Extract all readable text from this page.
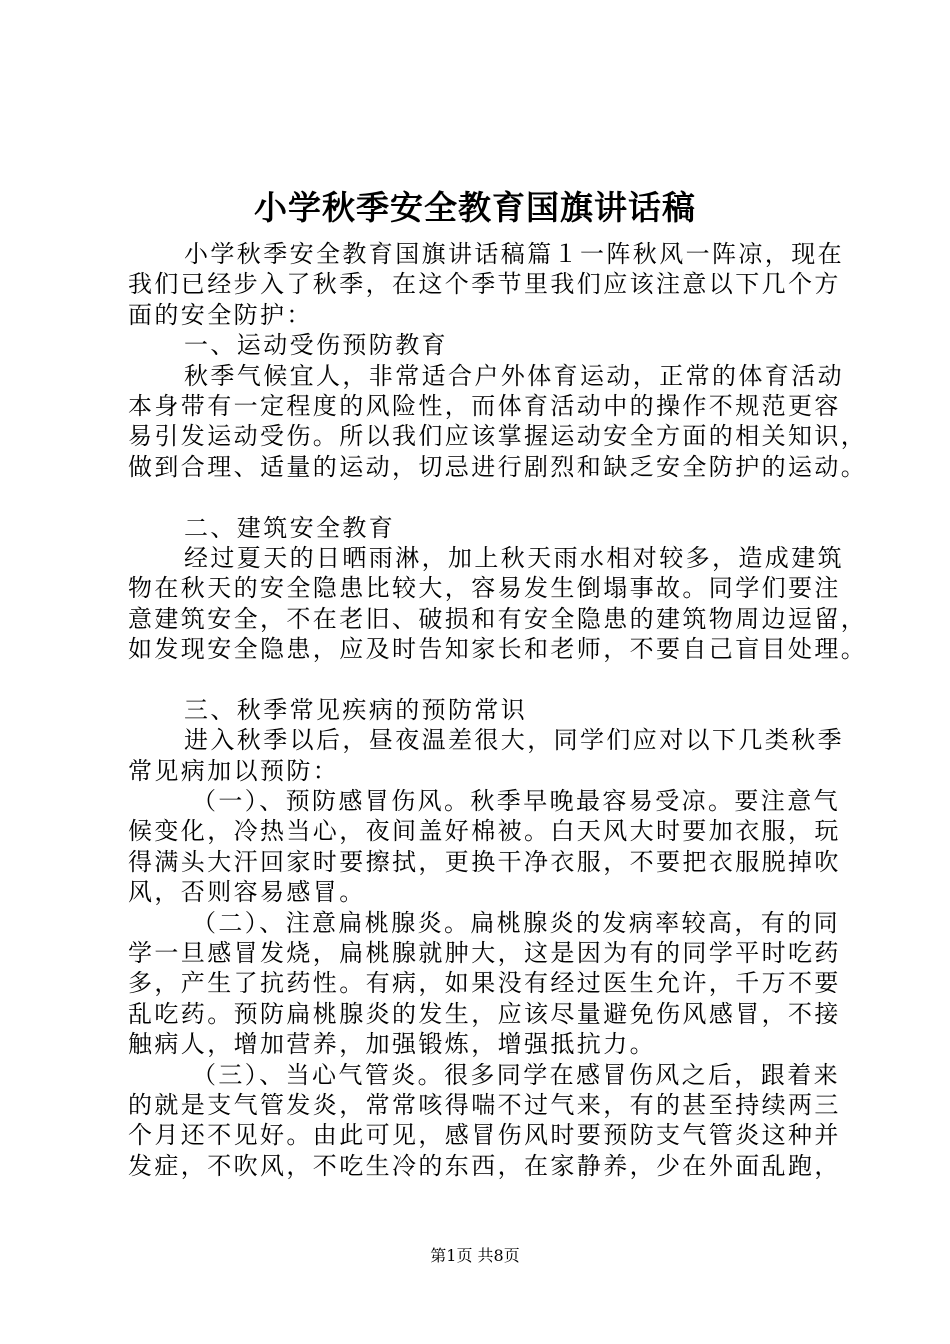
小学秋季安全教育国旗讲话稿
小学秋季安全教育国旗讲话稿篇１一阵秋风一阵凉，现在
我们已经步入了秋季，在这个季节里我们应该注意以下几个方
面的安全防护：
一、运动受伤预防教育
秋季气候宜人，非常适合户外体育运动，正常的体育活动
本身带有一定程度的风险性，而体育活动中的操作不规范更容
易引发运动受伤。所以我们应该掌握运动安全方面的相关知识，
做到合理、适量的运动，切忌进行剧烈和缺乏安全防护的运动。
二、建筑安全教育
经过夏天的日晒雨淋，加上秋天雨水相对较多，造成建筑
物在秋天的安全隐患比较大，容易发生倒塌事故。同学们要注
意建筑安全，不在老旧、破损和有安全隐患的建筑物周边逗留，
如发现安全隐患，应及时告知家长和老师，不要自己盲目处理。
三、秋季常见疾病的预防常识
进入秋季以后，昼夜温差很大，同学们应对以下几类秋季
常见病加以预防：
（一）、预防感冒伤风。秋季早晚最容易受凉。要注意气
候变化，冷热当心，夜间盖好棉被。白天风大时要加衣服，玩
得满头大汗回家时要擦拭，更换干净衣服，不要把衣服脱掉吹
风，否则容易感冒。
（二）、注意扁桃腺炎。扁桃腺炎的发病率较高，有的同
学一旦感冒发烧，扁桃腺就肿大，这是因为有的同学平时吃药
多，产生了抗药性。有病，如果没有经过医生允许，千万不要
乱吃药。预防扁桃腺炎的发生，应该尽量避免伤风感冒，不接
触病人，增加营养，加强锻炼，增强抵抗力。
（三）、当心气管炎。很多同学在感冒伤风之后，跟着来
的就是支气管发炎，常常咳得喘不过气来，有的甚至持续两三
个月还不见好。由此可见，感冒伤风时要预防支气管炎这种并
发症，不吹风，不吃生冷的东西，在家静养，少在外面乱跑，
第1页 共8页
